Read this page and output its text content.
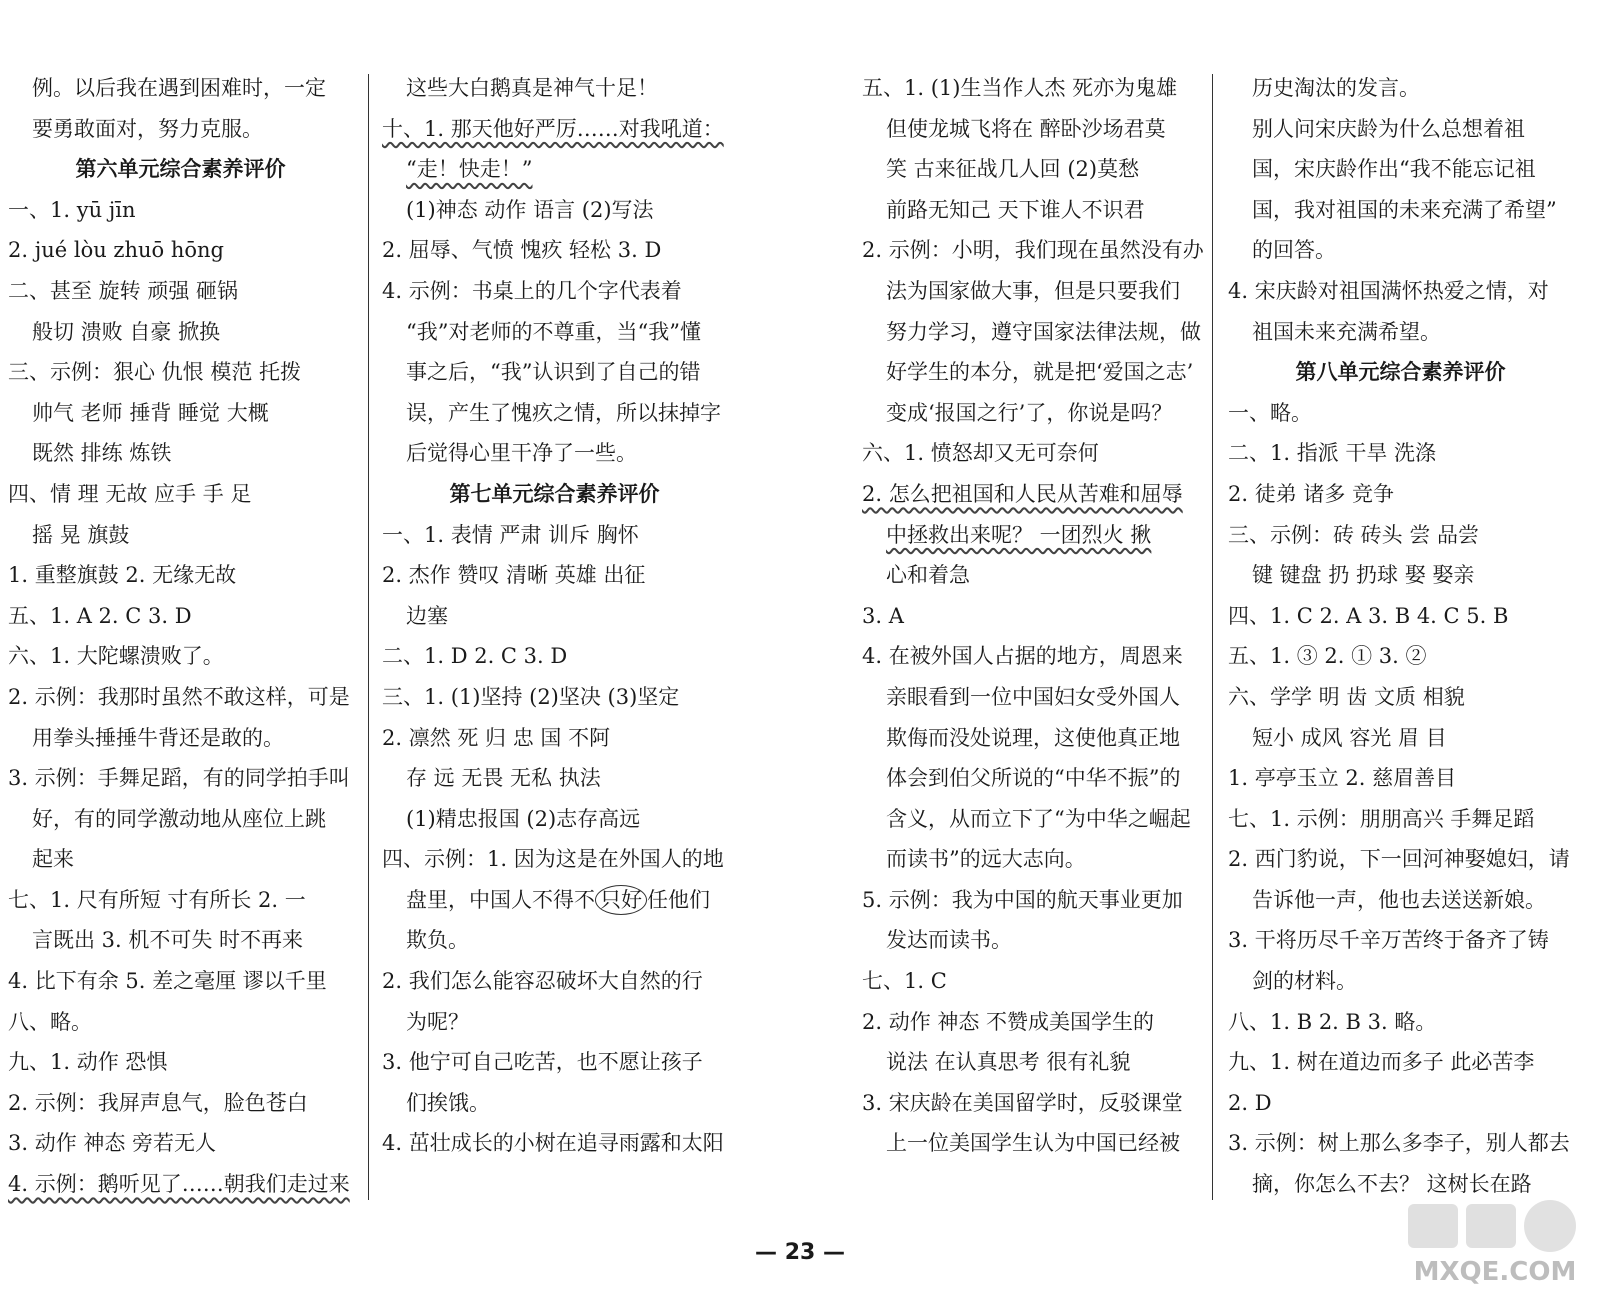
例。以后我在遇到困难时，一定
要勇敢面对，努力克服。
第六单元综合素养评价
一、1. yū jīn
2. jué lòu zhuō hōng
二、甚至 旋转 顽强 砸锅
般切 溃败 自豪 掀换
三、示例：狠心 仇恨 模范 托拨
帅气 老师 捶背 睡觉 大概
既然 排练 炼铁
四、情 理 无故 应手 手 足
摇 晃 旗鼓
1. 重整旗鼓 2. 无缘无故
五、1. A 2. C 3. D
六、1. 大陀螺溃败了。
2. 示例：我那时虽然不敢这样，可是
用拳头捶捶牛背还是敢的。
3. 示例：手舞足蹈，有的同学拍手叫
好，有的同学激动地从座位上跳
起来
七、1. 尺有所短 寸有所长 2. 一
言既出 3. 机不可失 时不再来
4. 比下有余 5. 差之毫厘 谬以千里
八、略。
九、1. 动作 恐惧
2. 示例：我屏声息气，脸色苍白
3. 动作 神态 旁若无人
4. 示例：鹅听见了……朝我们走过来
这些大白鹅真是神气十足！
十、1. 那天他好严厉……对我吼道：
“走！快走！”
(1)神态 动作 语言 (2)写法
2. 屈辱、气愤 愧疚 轻松 3. D
4. 示例：书桌上的几个字代表着
“我”对老师的不尊重，当“我”懂
事之后，“我”认识到了自己的错
误，产生了愧疚之情，所以抹掉字
后觉得心里干净了一些。
第七单元综合素养评价
一、1. 表情 严肃 训斥 胸怀
2. 杰作 赞叹 清晰 英雄 出征
边塞
二、1. D 2. C 3. D
三、1. (1)坚持 (2)坚决 (3)坚定
2. 凛然 死 归 忠 国 不阿
存 远 无畏 无私 执法
(1)精忠报国 (2)志存高远
四、示例：1. 因为这是在外国人的地
盘里，中国人不得不 只好 任他们
欺负。
2. 我们怎么能容忍破坏大自然的行
为呢？
3. 他宁可自己吃苦，也不愿让孩子
们挨饿。
4. 茁壮成长的小树在追寻雨露和太阳
五、1. (1)生当作人杰 死亦为鬼雄
但使龙城飞将在 醉卧沙场君莫
笑 古来征战几人回 (2)莫愁
前路无知己 天下谁人不识君
2. 示例：小明，我们现在虽然没有办
法为国家做大事，但是只要我们
努力学习，遵守国家法律法规，做
好学生的本分，就是把‘爱国之志’
变成‘报国之行’了，你说是吗？
六、1. 愤怒却又无可奈何
2. 怎么把祖国和人民从苦难和屈辱
中拯救出来呢？ 一团烈火 揪
心和着急
3. A
4. 在被外国人占据的地方，周恩来
亲眼看到一位中国妇女受外国人
欺侮而没处说理，这使他真正地
体会到伯父所说的“中华不振”的
含义，从而立下了“为中华之崛起
而读书”的远大志向。
5. 示例：我为中国的航天事业更加
发达而读书。
七、1. C
2. 动作 神态 不赞成美国学生的
说法 在认真思考 很有礼貌
3. 宋庆龄在美国留学时，反驳课堂
上一位美国学生认为中国已经被
历史淘汰的发言。
别人问宋庆龄为什么总想着祖
国，宋庆龄作出“我不能忘记祖
国，我对祖国的未来充满了希望”
的回答。
4. 宋庆龄对祖国满怀热爱之情，对
祖国未来充满希望。
第八单元综合素养评价
一、略。
二、1. 指派 干旱 洗涤
2. 徒弟 诸多 竞争
三、示例：砖 砖头 尝 品尝
键 键盘 扔 扔球 娶 娶亲
四、1. C 2. A 3. B 4. C 5. B
五、1. ③ 2. ① 3. ②
六、学学 明 齿 文质 相貌
短小 成风 容光 眉 目
1. 亭亭玉立 2. 慈眉善目
七、1. 示例：朋朋高兴 手舞足蹈
2. 西门豹说，下一回河神娶媳妇，请
告诉他一声，他也去送送新娘。
3. 干将历尽千辛万苦终于备齐了铸
剑的材料。
八、1. B 2. B 3. 略。
九、1. 树在道边而多子 此必苦李
2. D
3. 示例：树上那么多李子，别人都去
摘，你怎么不去？ 这树长在路
— 23 —
MXQE.COM
